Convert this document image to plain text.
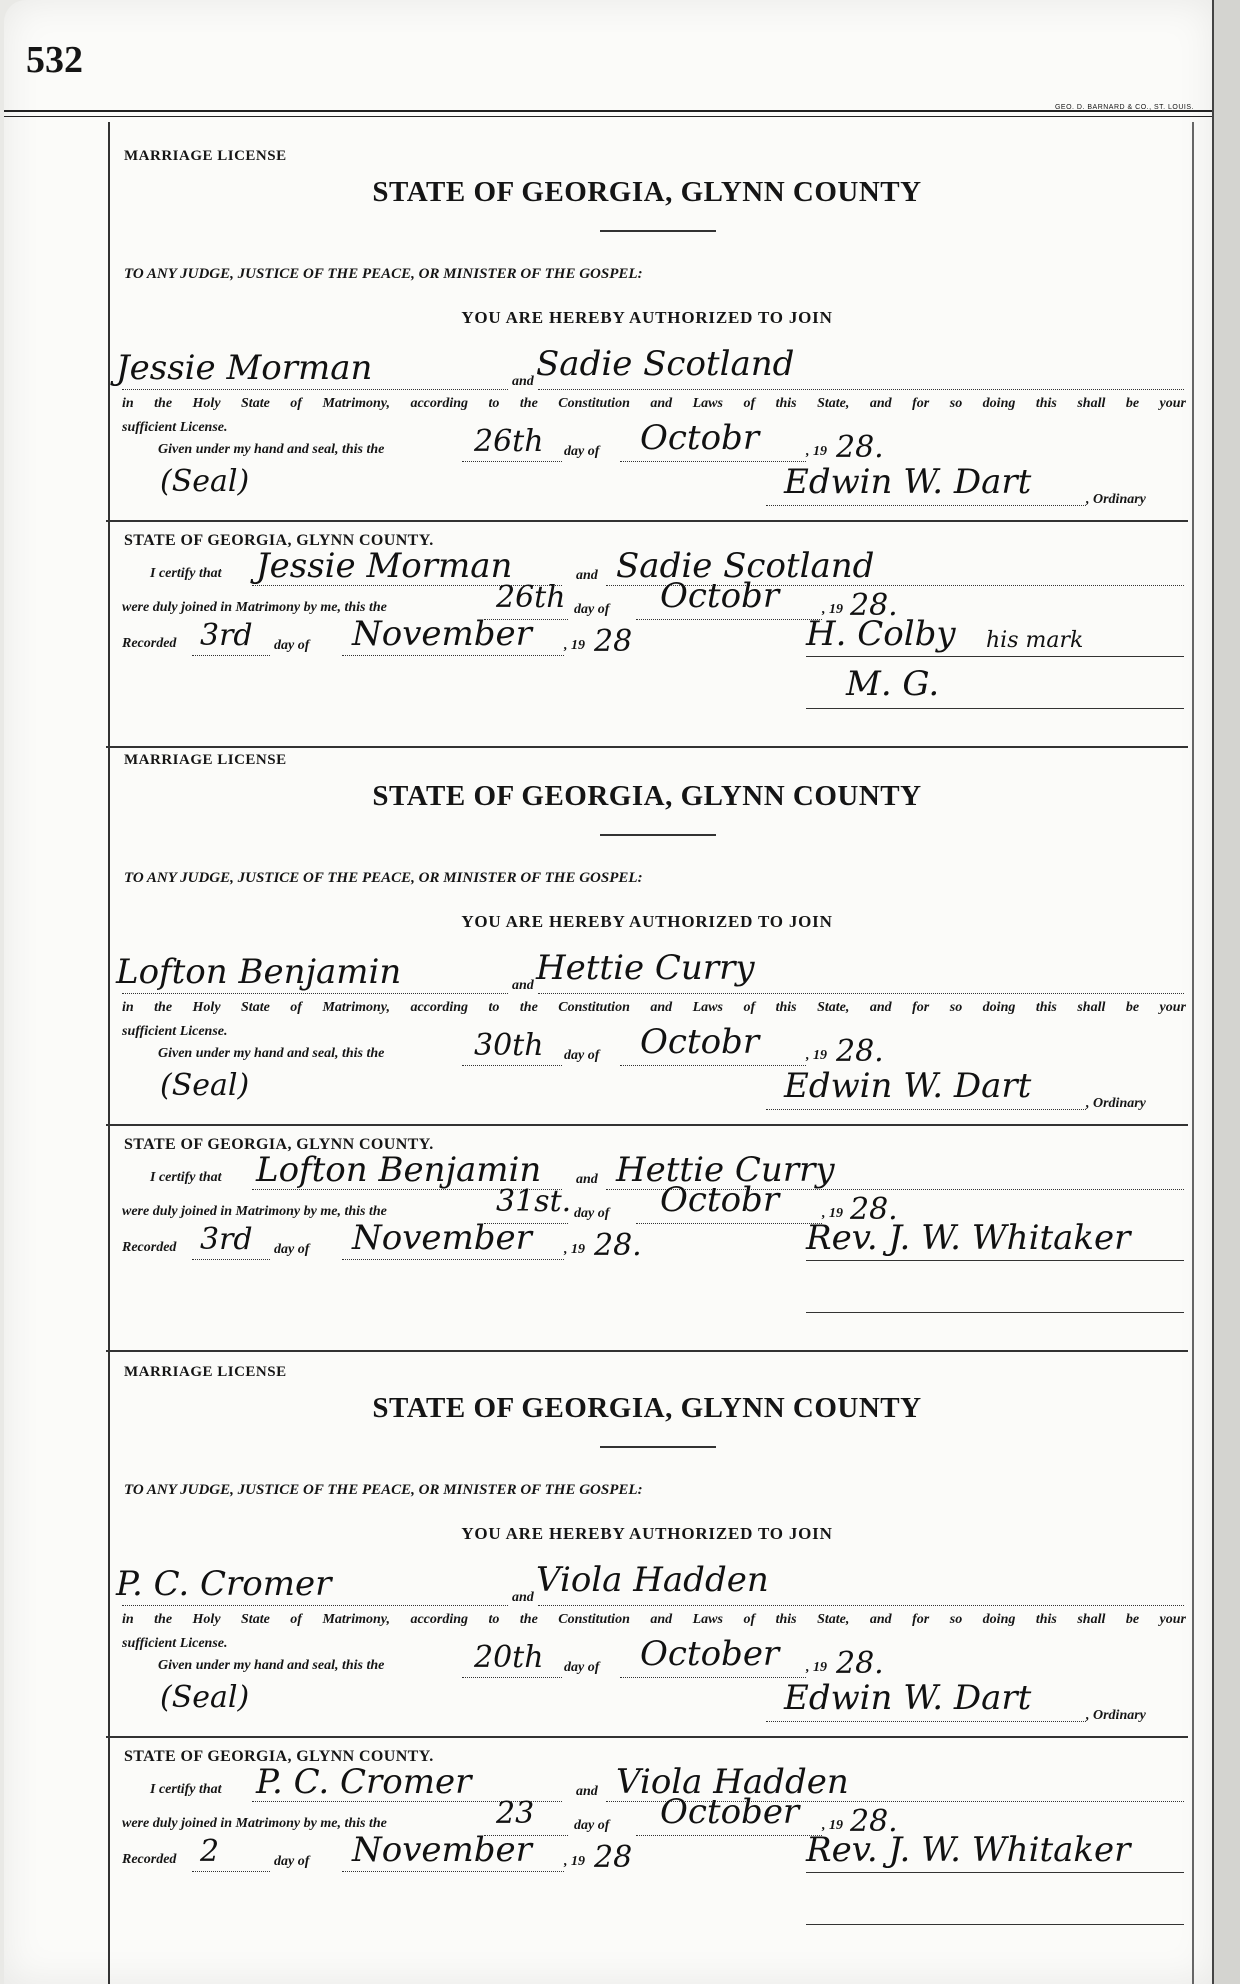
532
GEO. D. BARNARD & CO., ST. LOUIS.
MARRIAGE LICENSE
STATE OF GEORGIA, GLYNN COUNTY
TO ANY JUDGE, JUSTICE OF THE PEACE, OR MINISTER OF THE GOSPEL:
YOU ARE HEREBY AUTHORIZED TO JOIN
Jessie Morman	and Sadie Scotland
in the Holy State of Matrimony, according to the Constitution and Laws of this State, and for so doing this shall be your
sufficient License.
Given under my hand and seal, this the	26th day of Octobr	, 19 28.
(Seal)	Edwin W. Dart	, Ordinary
STATE OF GEORGIA, GLYNN COUNTY.
I certify that Jessie Morman	and Sadie Scotland
were duly joined in Matrimony by me, this the	26th day of Octobr	, 19 28.
Recorded 3rd day of November , 19 28	H. Colby his mark
M. G.
MARRIAGE LICENSE
STATE OF GEORGIA, GLYNN COUNTY
TO ANY JUDGE, JUSTICE OF THE PEACE, OR MINISTER OF THE GOSPEL:
YOU ARE HEREBY AUTHORIZED TO JOIN
Lofton Benjamin	and Hettie Curry
in the Holy State of Matrimony, according to the Constitution and Laws of this State, and for so doing this shall be your
sufficient License.
Given under my hand and seal, this the	30th day of Octobr	, 19 28.
(Seal)	Edwin W. Dart	, Ordinary
STATE OF GEORGIA, GLYNN COUNTY.
I certify that Lofton Benjamin and Hettie Curry
were duly joined in Matrimony by me, this the	31st. day of Octobr	, 19 28.
Recorded 3rd day of November , 19 28.	Rev. J. W. Whitaker
MARRIAGE LICENSE
STATE OF GEORGIA, GLYNN COUNTY
TO ANY JUDGE, JUSTICE OF THE PEACE, OR MINISTER OF THE GOSPEL:
YOU ARE HEREBY AUTHORIZED TO JOIN
P. C. Cromer	and Viola Hadden
in the Holy State of Matrimony, according to the Constitution and Laws of this State, and for so doing this shall be your
sufficient License.
Given under my hand and seal, this the	20th day of October , 19 28.
(Seal)	Edwin W. Dart	, Ordinary
STATE OF GEORGIA, GLYNN COUNTY.
I certify that P. C. Cromer	and Viola Hadden
were duly joined in Matrimony by me, this the	23	day of October , 19 28.
Recorded 2	day of November , 19 28	Rev. J. W. Whitaker
